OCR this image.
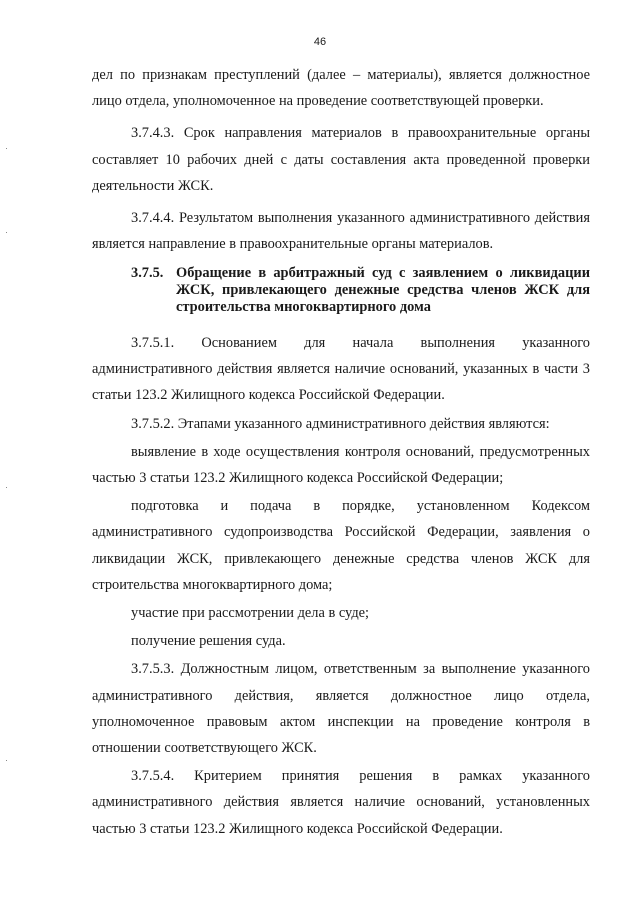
46

дел по признакам преступлений (далее – материалы), является должностное лицо отдела, уполномоченное на проведение соответствующей проверки.

3.7.4.3. Срок направления материалов в правоохранительные органы составляет 10 рабочих дней с даты составления акта проведенной проверки деятельности ЖСК.

3.7.4.4. Результатом выполнения указанного административного действия является направление в правоохранительные органы материалов.

3.7.5. Обращение в арбитражный суд с заявлением о ликвидации
ЖСК, привлекающего денежные средства членов ЖСК для
строительства многоквартирного дома

3.7.5.1. Основанием для начала выполнения указанного административного действия является наличие оснований, указанных в части 3 статьи 123.2 Жилищного кодекса Российской Федерации.

3.7.5.2. Этапами указанного административного действия являются:

выявление в ходе осуществления контроля оснований, предусмотренных частью 3 статьи 123.2 Жилищного кодекса Российской Федерации;

подготовка и подача в порядке, установленном Кодексом административного судопроизводства Российской Федерации, заявления о ликвидации ЖСК, привлекающего денежные средства членов ЖСК для строительства многоквартирного дома;

участие при рассмотрении дела в суде;

получение решения суда.

3.7.5.3. Должностным лицом, ответственным за выполнение указанного административного действия, является должностное лицо отдела, уполномоченное правовым актом инспекции на проведение контроля в отношении соответствующего ЖСК.

3.7.5.4. Критерием принятия решения в рамках указанного административного действия является наличие оснований, установленных частью 3 статьи 123.2 Жилищного кодекса Российской Федерации.
